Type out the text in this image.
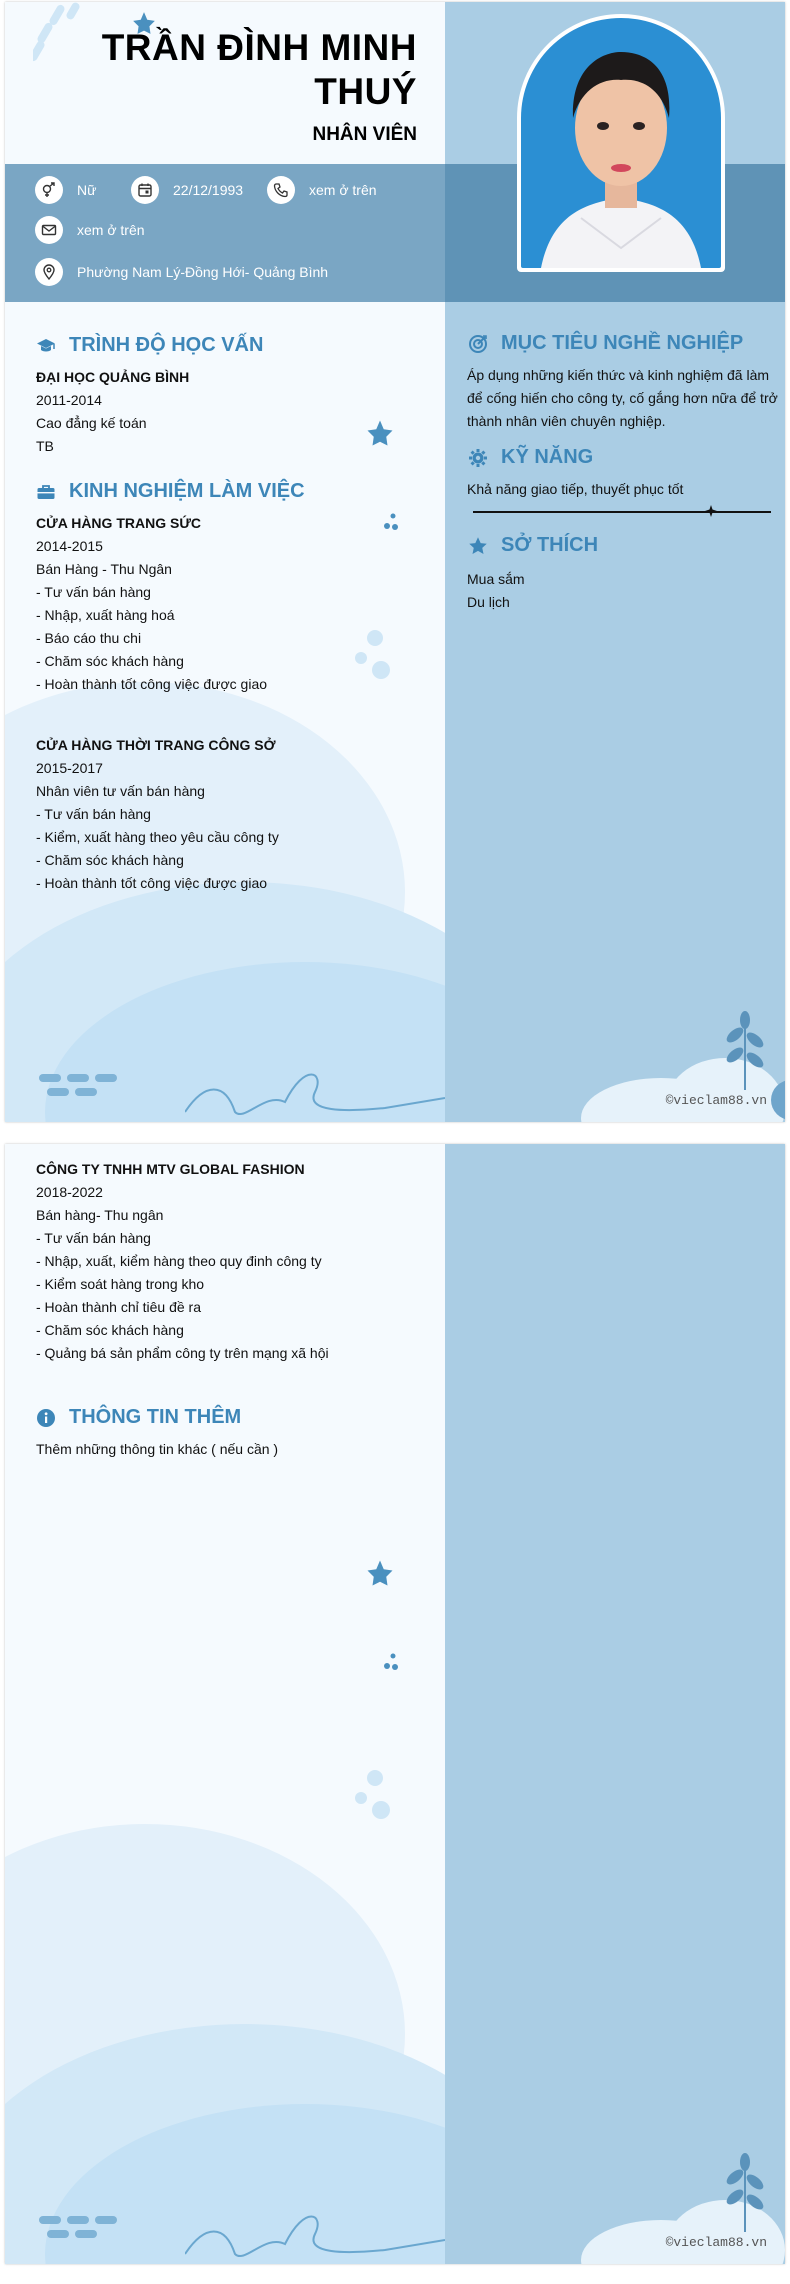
TRẦN ĐÌNH MINH
THUÝ
NHÂN VIÊN
Nữ	22/12/1993	xem ở trên
xem ở trên
Phường Nam Lý-Đồng Hới- Quảng Bình
TRÌNH ĐỘ HỌC VẤN
ĐẠI HỌC QUẢNG BÌNH
2011-2014
Cao đẳng kế toán
TB
KINH NGHIỆM LÀM VIỆC
CỬA HÀNG TRANG SỨC
2014-2015
Bán Hàng - Thu Ngân
- Tư vấn bán hàng
- Nhập, xuất hàng hoá
- Báo cáo thu chi
- Chăm sóc khách hàng
- Hoàn thành tốt công việc được giao
CỬA HÀNG THỜI TRANG CÔNG SỞ
2015-2017
Nhân viên tư vấn bán hàng
- Tư vấn bán hàng
- Kiểm, xuất hàng theo yêu cầu công ty
- Chăm sóc khách hàng
- Hoàn thành tốt công việc được giao
MỤC TIÊU NGHỀ NGHIỆP
Áp dụng những kiến thức và kinh nghiệm đã làm
để cống hiến cho công ty, cố gắng hơn nữa để trở
thành nhân viên chuyên nghiệp.
KỸ NĂNG
Khả năng giao tiếp, thuyết phục tốt
SỞ THÍCH
Mua sắm
Du lịch
©vieclam88.vn
CÔNG TY TNHH MTV GLOBAL FASHION
2018-2022
Bán hàng- Thu ngân
- Tư vấn bán hàng
- Nhập, xuất, kiểm hàng theo quy đinh công ty
- Kiểm soát hàng trong kho
- Hoàn thành chỉ tiêu đề ra
- Chăm sóc khách hàng
- Quảng bá sản phẩm công ty trên mạng xã hội
THÔNG TIN THÊM
Thêm những thông tin khác ( nếu cần )
©vieclam88.vn
